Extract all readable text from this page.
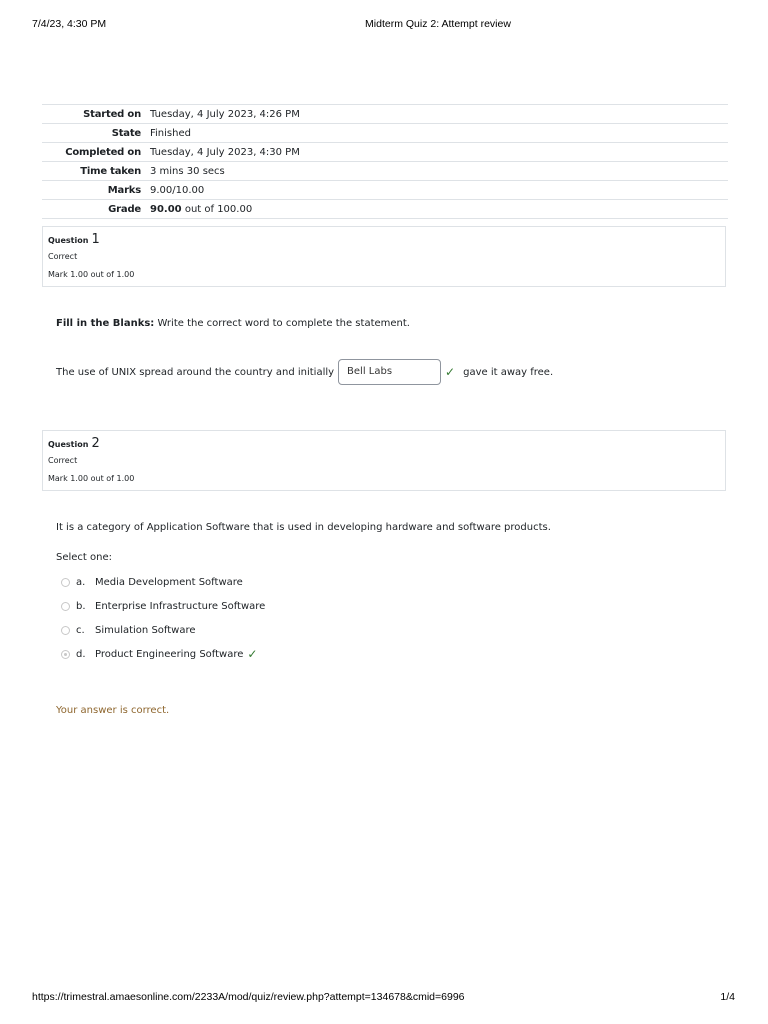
7/4/23, 4:30 PM	Midterm Quiz 2: Attempt review
Started on	Tuesday, 4 July 2023, 4:26 PM
State	Finished
Completed on	Tuesday, 4 July 2023, 4:30 PM
Time taken	3 mins 30 secs
Marks	9.00/10.00
Grade	90.00 out of 100.00
Question 1
Correct
Mark 1.00 out of 1.00
Fill in the Blanks: Write the correct word to complete the statement.
The use of UNIX spread around the country and initially	Bell Labs	✓ gave it away free.
Question 2
Correct
Mark 1.00 out of 1.00
It is a category of Application Software that is used in developing hardware and software products.
Select one:
a. Media Development Software
b. Enterprise Infrastructure Software
c.	Simulation Software
d. Product Engineering Software ✓
Your answer is correct.
https://trimestral.amaesonline.com/2233A/mod/quiz/review.php?attempt=134678&cmid=6996	1/4
